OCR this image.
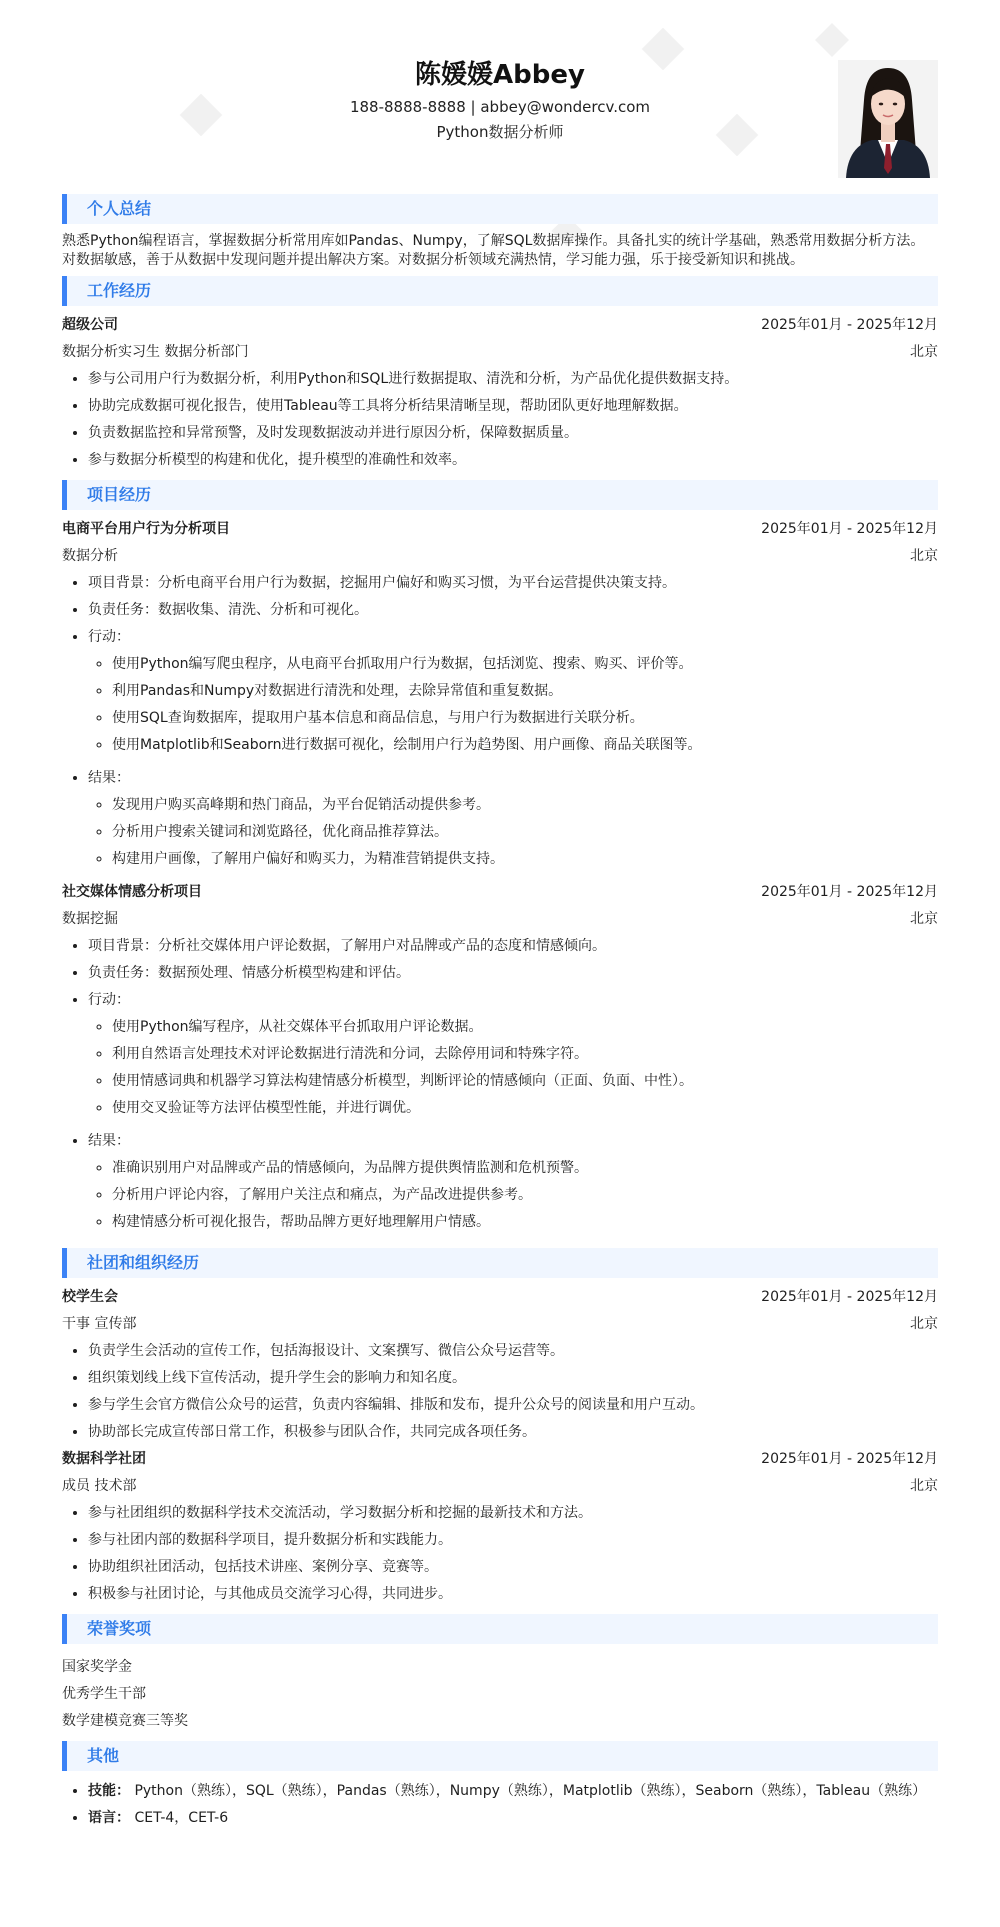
陈媛媛Abbey
188-8888-8888 | abbey@wondercv.com
Python数据分析师
个人总结
熟悉Python编程语言，掌握数据分析常用库如Pandas、Numpy，了解SQL数据库操作。具备扎实的统计学基础，熟悉常用数据分析方法。对数据敏感，善于从数据中发现问题并提出解决方案。对数据分析领域充满热情，学习能力强，乐于接受新知识和挑战。
工作经历
超级公司	2025年01月 - 2025年12月
数据分析实习生 数据分析部门	北京
• 参与公司用户行为数据分析，利用Python和SQL进行数据提取、清洗和分析，为产品优化提供数据支持。
• 协助完成数据可视化报告，使用Tableau等工具将分析结果清晰呈现，帮助团队更好地理解数据。
• 负责数据监控和异常预警，及时发现数据波动并进行原因分析，保障数据质量。
• 参与数据分析模型的构建和优化，提升模型的准确性和效率。
项目经历
电商平台用户行为分析项目	2025年01月 - 2025年12月
数据分析	北京
• 项目背景：分析电商平台用户行为数据，挖掘用户偏好和购买习惯，为平台运营提供决策支持。
• 负责任务：数据收集、清洗、分析和可视化。
• 行动：
◦ 使用Python编写爬虫程序，从电商平台抓取用户行为数据，包括浏览、搜索、购买、评价等。
◦ 利用Pandas和Numpy对数据进行清洗和处理，去除异常值和重复数据。
◦ 使用SQL查询数据库，提取用户基本信息和商品信息，与用户行为数据进行关联分析。
◦ 使用Matplotlib和Seaborn进行数据可视化，绘制用户行为趋势图、用户画像、商品关联图等。
• 结果：
◦ 发现用户购买高峰期和热门商品，为平台促销活动提供参考。
◦ 分析用户搜索关键词和浏览路径，优化商品推荐算法。
◦ 构建用户画像，了解用户偏好和购买力，为精准营销提供支持。
社交媒体情感分析项目	2025年01月 - 2025年12月
数据挖掘	北京
• 项目背景：分析社交媒体用户评论数据，了解用户对品牌或产品的态度和情感倾向。
• 负责任务：数据预处理、情感分析模型构建和评估。
• 行动：
◦ 使用Python编写程序，从社交媒体平台抓取用户评论数据。
◦ 利用自然语言处理技术对评论数据进行清洗和分词，去除停用词和特殊字符。
◦ 使用情感词典和机器学习算法构建情感分析模型，判断评论的情感倾向（正面、负面、中性）。
◦ 使用交叉验证等方法评估模型性能，并进行调优。
• 结果：
◦ 准确识别用户对品牌或产品的情感倾向，为品牌方提供舆情监测和危机预警。
◦ 分析用户评论内容，了解用户关注点和痛点，为产品改进提供参考。
◦ 构建情感分析可视化报告，帮助品牌方更好地理解用户情感。
社团和组织经历
校学生会	2025年01月 - 2025年12月
干事 宣传部	北京
• 负责学生会活动的宣传工作，包括海报设计、文案撰写、微信公众号运营等。
• 组织策划线上线下宣传活动，提升学生会的影响力和知名度。
• 参与学生会官方微信公众号的运营，负责内容编辑、排版和发布，提升公众号的阅读量和用户互动。
• 协助部长完成宣传部日常工作，积极参与团队合作，共同完成各项任务。
数据科学社团	2025年01月 - 2025年12月
成员 技术部	北京
• 参与社团组织的数据科学技术交流活动，学习数据分析和挖掘的最新技术和方法。
• 参与社团内部的数据科学项目，提升数据分析和实践能力。
• 协助组织社团活动，包括技术讲座、案例分享、竞赛等。
• 积极参与社团讨论，与其他成员交流学习心得，共同进步。
荣誉奖项
国家奖学金
优秀学生干部
数学建模竞赛三等奖
其他
• 技能： Python（熟练），SQL（熟练），Pandas（熟练），Numpy（熟练），Matplotlib（熟练），Seaborn（熟练），Tableau（熟练）
• 语言： CET-4，CET-6
